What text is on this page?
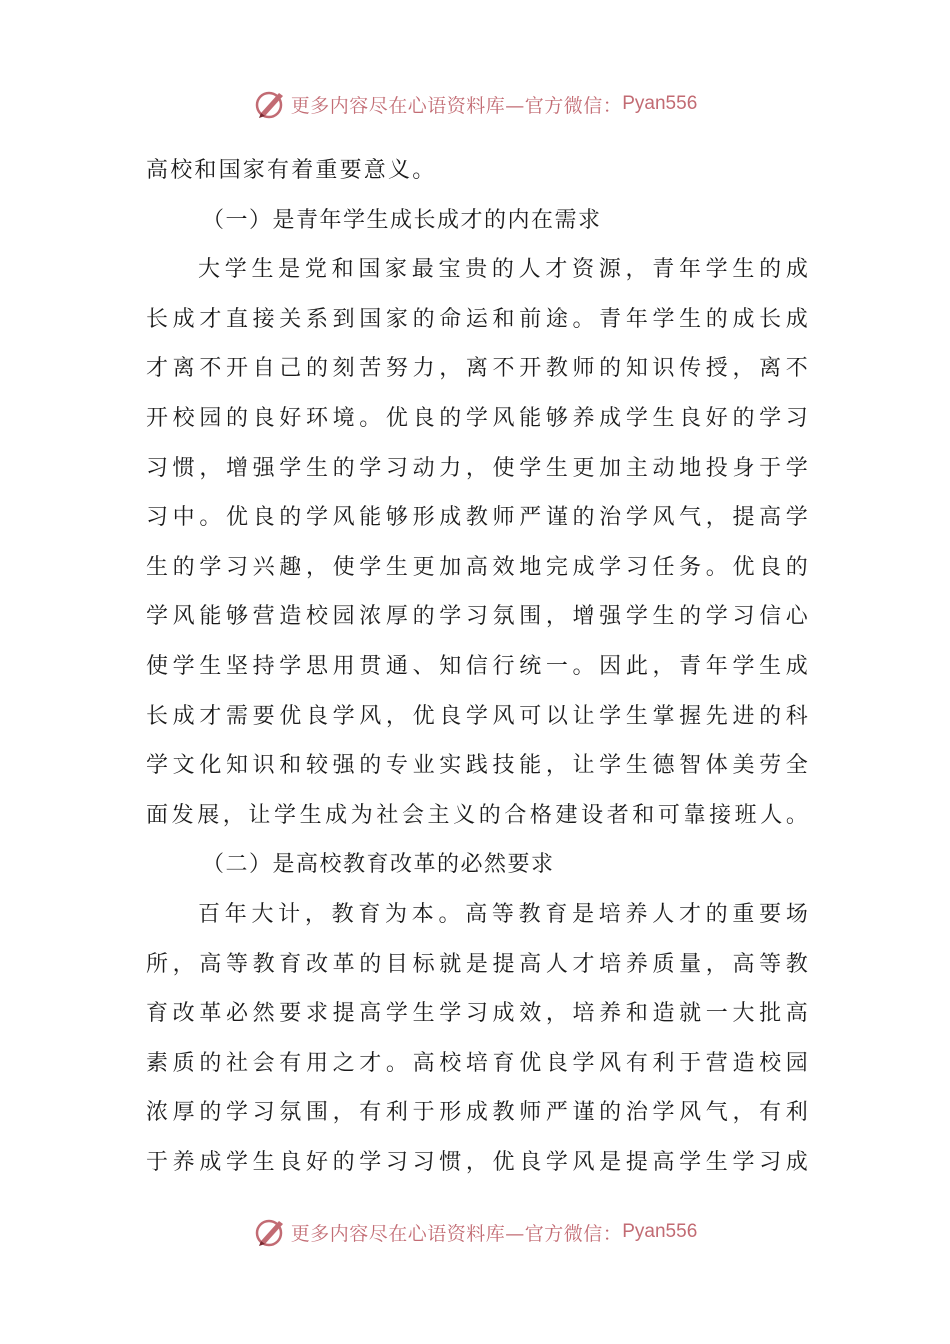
更多内容尽在心语资料库—官方微信： Pyan556
高校和国家有着重要意义。
（一）是青年学生成长成才的内在需求
大 学 生 是 党 和 国 家 最 宝 贵 的 人 才 资 源 ， 青 年 学 生 的 成
长 成 才 直 接 关 系 到 国 家 的 命 运 和 前 途 。 青 年 学 生 的 成 长 成
才 离 不 开 自 己 的 刻 苦 努 力 ， 离 不 开 教 师 的 知 识 传 授 ， 离 不
开 校 园 的 良 好 环 境 。 优 良 的 学 风 能 够 养 成 学 生 良 好 的 学 习
习 惯 ， 增 强 学 生 的 学 习 动 力 ， 使 学 生 更 加 主 动 地 投 身 于 学
习 中 。 优 良 的 学 风 能 够 形 成 教 师 严 谨 的 治 学 风 气 ， 提 高 学
生 的 学 习 兴 趣 ， 使 学 生 更 加 高 效 地 完 成 学 习 任 务 。 优 良 的
学 风 能 够 营 造 校 园 浓 厚 的 学 习 氛 围 ， 增 强 学 生 的 学 习 信 心
使 学 生 坚 持 学 思 用 贯 通 、 知 信 行 统 一 。 因 此 ， 青 年 学 生 成
长 成 才 需 要 优 良 学 风 ， 优 良 学 风 可 以 让 学 生 掌 握 先 进 的 科
学 文 化 知 识 和 较 强 的 专 业 实 践 技 能 ， 让 学 生 德 智 体 美 劳 全
面 发 展 ， 让 学 生 成 为 社 会 主 义 的 合 格 建 设 者 和 可 靠 接 班 人 。
（二）是高校教育改革的必然要求
百 年 大 计 ， 教 育 为 本 。 高 等 教 育 是 培 养 人 才 的 重 要 场
所 ， 高 等 教 育 改 革 的 目 标 就 是 提 高 人 才 培 养 质 量 ， 高 等 教
育 改 革 必 然 要 求 提 高 学 生 学 习 成 效 ， 培 养 和 造 就 一 大 批 高
素 质 的 社 会 有 用 之 才 。 高 校 培 育 优 良 学 风 有 利 于 营 造 校 园
浓 厚 的 学 习 氛 围 ， 有 利 于 形 成 教 师 严 谨 的 治 学 风 气 ， 有 利
于 养 成 学 生 良 好 的 学 习 习 惯 ， 优 良 学 风 是 提 高 学 生 学 习 成
更多内容尽在心语资料库—官方微信： Pyan556
